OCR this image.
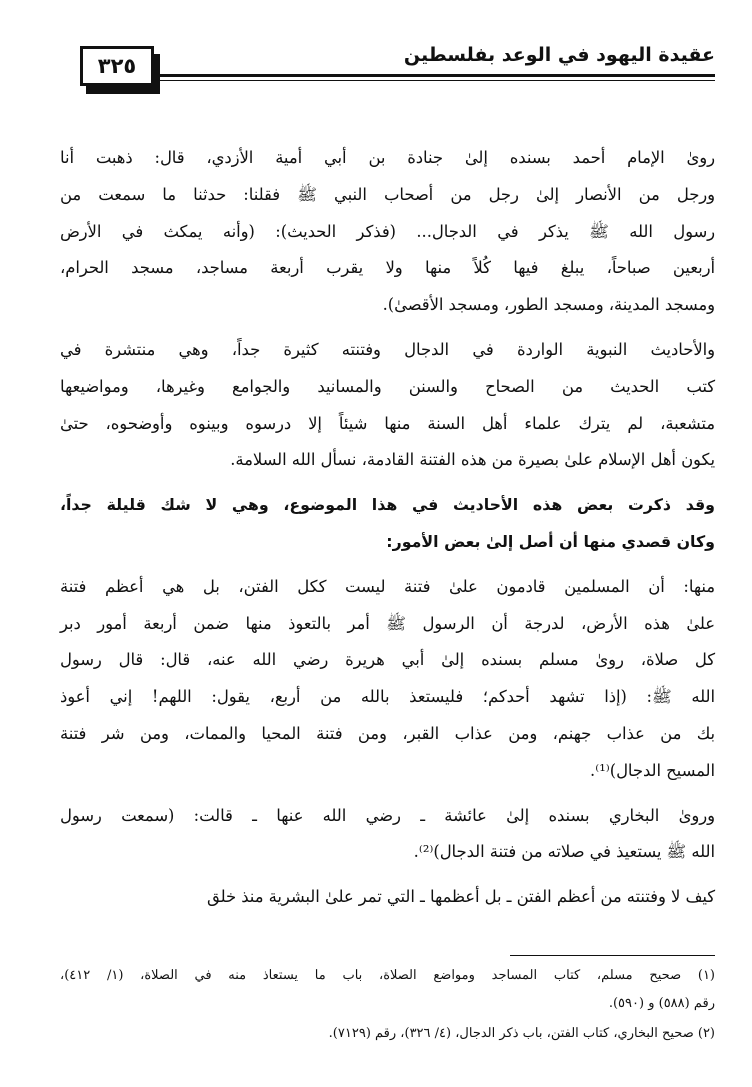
عقيدة اليهود في الوعد بفلسطين
٣٢٥
رویٰ الإمام أحمد بسنده إلیٰ جنادة بن أبي أمية الأزدي، قال: ذهبت أنا
ورجل من الأنصار إلیٰ رجل من أصحاب النبي ﷺ فقلنا: حدثنا ما سمعت من
رسول الله ﷺ يذكر في الدجال... (فذكر الحديث): (وأنه يمكث في الأرض
أربعين صباحاً، يبلغ فيها كُلاً منها ولا يقرب أربعة مساجد، مسجد الحرام،
ومسجد المدينة، ومسجد الطور، ومسجد الأقصیٰ).
والأحاديث النبوية الواردة في الدجال وفتنته كثيرة جداً، وهي منتشرة في
كتب الحديث من الصحاح والسنن والمسانيد والجوامع وغيرها، ومواضيعها
متشعبة، لم يترك علماء أهل السنة منها شيئاً إلا درسوه وبينوه وأوضحوه، حتیٰ
يكون أهل الإسلام علیٰ بصيرة من هذه الفتنة القادمة، نسأل الله السلامة.
وقد ذكرت بعض هذه الأحاديث في هذا الموضوع، وهي لا شك قليلة جداً،
وكان قصدي منها أن أصل إلیٰ بعض الأمور:
منها: أن المسلمين قادمون علیٰ فتنة ليست ككل الفتن، بل هي أعظم فتنة
علیٰ هذه الأرض، لدرجة أن الرسول ﷺ أمر بالتعوذ منها ضمن أربعة أمور دبر
كل صلاة، رویٰ مسلم بسنده إلیٰ أبي هريرة رضي الله عنه، قال: قال رسول
الله ﷺ: (إذا تشهد أحدكم؛ فليستعذ بالله من أربع، يقول: اللهم! إني أعوذ
بك من عذاب جهنم، ومن عذاب القبر، ومن فتنة المحيا والممات، ومن شر فتنة
المسيح الدجال)⁽¹⁾.
ورویٰ البخاري بسنده إلیٰ عائشة ـ رضي الله عنها ـ قالت: (سمعت رسول
الله ﷺ يستعيذ في صلاته من فتنة الدجال)⁽²⁾.
كيف لا وفتنته من أعظم الفتن ـ بل أعظمها ـ التي تمر علیٰ البشرية منذ خلق
(١) صحيح مسلم، كتاب المساجد ومواضع الصلاة، باب ما يستعاذ منه في الصلاة، (١/ ٤١٢)،
رقم (٥٨٨) و (٥٩٠).
(٢) صحيح البخاري، كتاب الفتن، باب ذكر الدجال، (٤/ ٣٢٦)، رقم (٧١٢٩).
